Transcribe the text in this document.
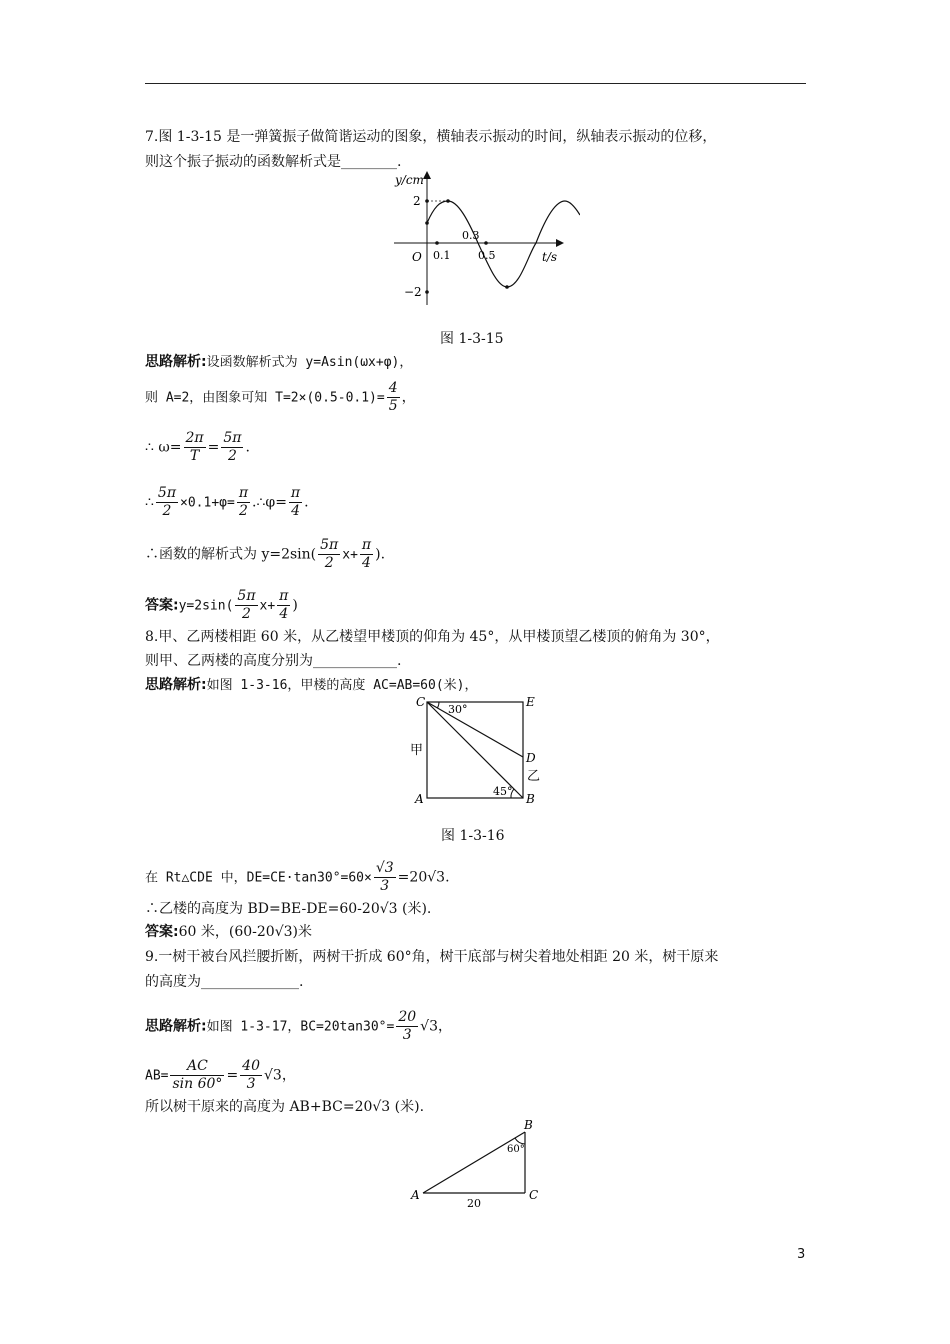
7.图 1-3-15 是一弹簧振子做简谐运动的图象，横轴表示振动的时间，纵轴表示振动的位移，
则这个振子振动的函数解析式是________.
y/cm
t/s
O
2
−2
0.1
0.3
0.5
图 1-3-15
思路解析:设函数解析式为 y=Asin(ωx+φ)，
则 A=2，由图象可知 $T=2\times(0.5-0.1)= \frac{4}{5}$ ，
∴ $\omega= \frac{2\pi}{T} = \frac{5\pi}{2}$ .
∴ $\frac{5\pi}{2} \times 0.1+\varphi= \frac{\pi}{2}$ .∴φ= $\frac{\pi}{4}$ .
∴函数的解析式为 $y=2\sin( \frac{5\pi}{2} x+ \frac{\pi}{4}$ ).
答案:y=2sin( $\frac{5\pi}{2} x+ \frac{\pi}{4}$ )
8.甲、乙两楼相距 60 米，从乙楼望甲楼顶的仰角为 45°，从甲楼顶望乙楼顶的俯角为 30°，
则甲、乙两楼的高度分别为____________.
思路解析:如图 1-3-16，甲楼的高度 AC=AB=60(米)，
C	E
D
A	B
30°
45°
甲
乙
图 1-3-16
在 Rt△CDE 中，$DE=CE\cdot\tan 30^\circ=60\times \frac{√3}{3} =20√3$.
∴乙楼的高度为 BD=BE-DE=60-20√3 (米).
答案:60 米，(60-20√3)米
9.一树干被台风拦腰折断，两树干折成 60°角，树干底部与树尖着地处相距 20 米，树干原来
的高度为______________.
思路解析:如图 1-3-17，$BC=20\tan 30^\circ= \frac{20}{3} √3$，
$AB= \frac{AC}{\sin 60^\circ} = \frac{40}{3} √3$，
所以树干原来的高度为 AB+BC=20√3 (米).
A
B
C
20
60°
3
